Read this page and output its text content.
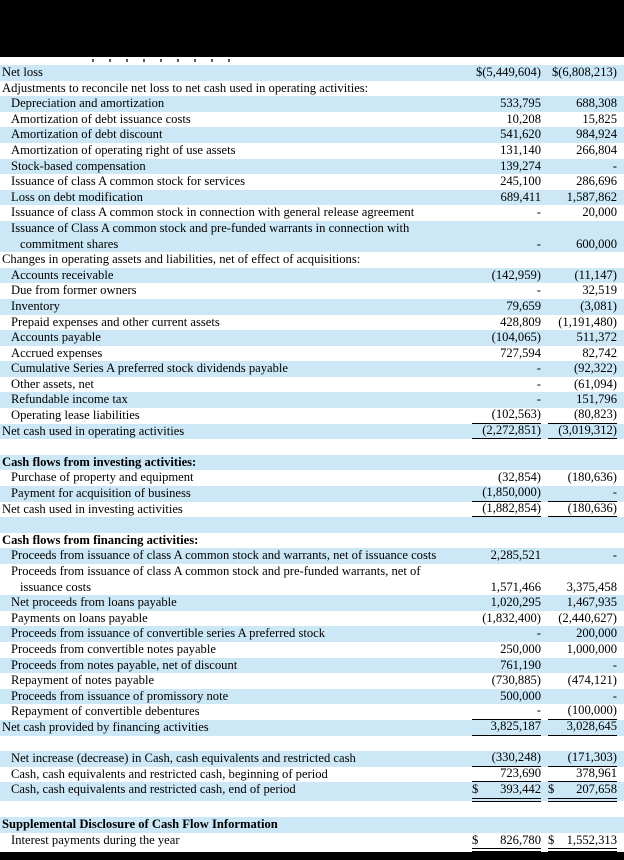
Net loss	$(5,449,604) $(6,808,213)
Adjustments to reconcile net loss to net cash used in operating activities:
Depreciation and amortization	533,795	688,308
Amortization of debt issuance costs	10,208	15,825
Amortization of debt discount	541,620	984,924
Amortization of operating right of use assets	131,140	266,804
Stock-based compensation	139,274	-
Issuance of class A common stock for services	245,100	286,696
Loss on debt modification	689,411 1,587,862
Issuance of class A common stock in connection with general release agreement	-	20,000
Issuance of Class A common stock and pre-funded warrants in connection with
commitment shares	-	600,000
Changes in operating assets and liabilities, net of effect of acquisitions:
Accounts receivable	(142,959)	(11,147)
Due from former owners	-	32,519
Inventory	79,659	(3,081)
Prepaid expenses and other current assets	428,809 (1,191,480)
Accounts payable	(104,065)	511,372
Accrued expenses	727,594	82,742
Cumulative Series A preferred stock dividends payable	-	(92,322)
Other assets, net	-	(61,094)
Refundable income tax	-	151,796
Operating lease liabilities	(102,563)	(80,823)
Net cash used in operating activities	(2,272,851) (3,019,312)
Cash flows from investing activities:
Purchase of property and equipment	(32,854) (180,636)
Payment for acquisition of business	(1,850,000)	-
Net cash used in investing activities	(1,882,854) (180,636)
Cash flows from financing activities:
Proceeds from issuance of class A common stock and warrants, net of issuance costs	2,285,521	-
Proceeds from issuance of class A common stock and pre-funded warrants, net of
issuance costs	1,571,466 3,375,458
Net proceeds from loans payable	1,020,295 1,467,935
Payments on loans payable	(1,832,400) (2,440,627)
Proceeds from issuance of convertible series A preferred stock	-	200,000
Proceeds from convertible notes payable	250,000 1,000,000
Proceeds from notes payable, net of discount	761,190	-
Repayment of notes payable	(730,885) (474,121)
Proceeds from issuance of promissory note	500,000	-
Repayment of convertible debentures	- (100,000)
Net cash provided by financing activities	3,825,187 3,028,645
Net increase (decrease) in Cash, cash equivalents and restricted cash	(330,248) (171,303)
Cash, cash equivalents and restricted cash, beginning of period	723,690	378,961
Cash, cash equivalents and restricted cash, end of period	$ 393,442 $ 207,658
Supplemental Disclosure of Cash Flow Information
Interest payments during the year	$ 826,780 $ 1,552,313
